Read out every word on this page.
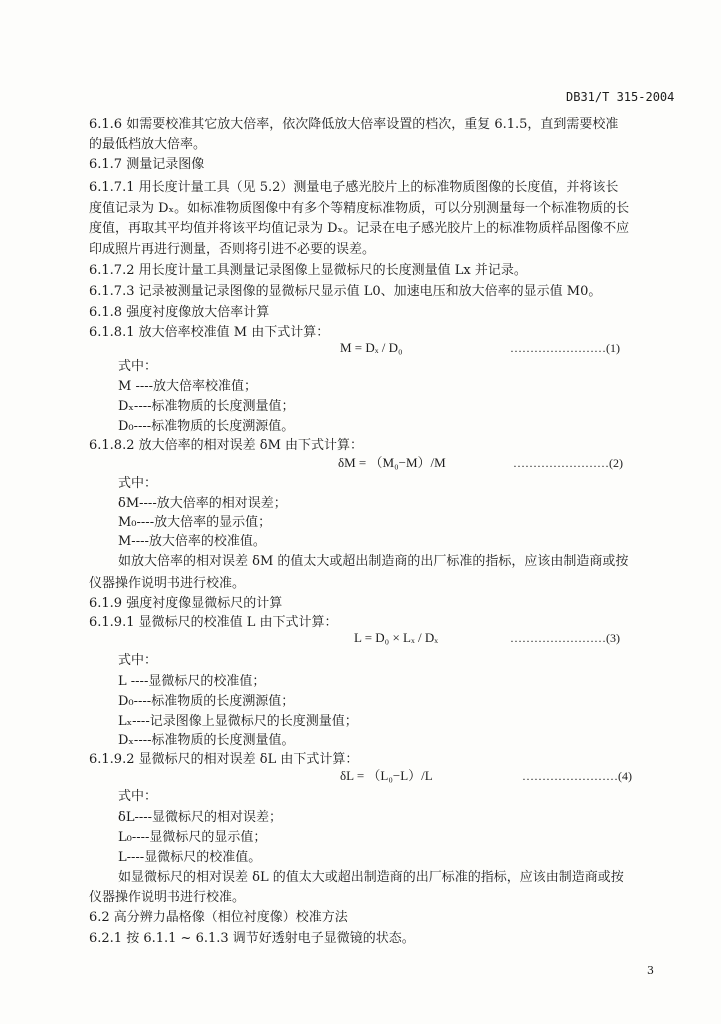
DB31/T 315-2004
6.1.6 如需要校准其它放大倍率，依次降低放大倍率设置的档次，重复 6.1.5，直到需要校准
的最低档放大倍率。
6.1.7 测量记录图像
6.1.7.1 用长度计量工具（见 5.2）测量电子感光胶片上的标准物质图像的长度值，并将该长
度值记录为 Dₓ。如标准物质图像中有多个等精度标准物质，可以分别测量每一个标准物质的长
度值，再取其平均值并将该平均值记录为 Dₓ。记录在电子感光胶片上的标准物质样品图像不应
印成照片再进行测量，否则将引进不必要的误差。
6.1.7.2 用长度计量工具测量记录图像上显微标尺的长度测量值 Lx 并记录。
6.1.7.3 记录被测量记录图像的显微标尺显示值 L0、加速电压和放大倍率的显示值 M0。
6.1.8 强度衬度像放大倍率计算
6.1.8.1 放大倍率校准值 M 由下式计算：
M = Dₓ / D₀	……………………(1)
式中：
M ----放大倍率校准值；
Dₓ----标准物质的长度测量值；
D₀----标准物质的长度溯源值。
6.1.8.2 放大倍率的相对误差 δM 由下式计算：
δM = （M₀−M）/M	……………………(2)
式中：
δM----放大倍率的相对误差；
M₀----放大倍率的显示值；
M----放大倍率的校准值。
如放大倍率的相对误差 δM 的值太大或超出制造商的出厂标准的指标，应该由制造商或按
仪器操作说明书进行校准。
6.1.9 强度衬度像显微标尺的计算
6.1.9.1 显微标尺的校准值 L 由下式计算：
L = D₀ × Lₓ / Dₓ	……………………(3)
式中：
L ----显微标尺的校准值；
D₀----标准物质的长度溯源值；
Lₓ----记录图像上显微标尺的长度测量值；
Dₓ----标准物质的长度测量值。
6.1.9.2 显微标尺的相对误差 δL 由下式计算：
δL = （L₀−L）/L	……………………(4)
式中：
δL----显微标尺的相对误差；
L₀----显微标尺的显示值；
L----显微标尺的校准值。
如显微标尺的相对误差 δL 的值太大或超出制造商的出厂标准的指标，应该由制造商或按
仪器操作说明书进行校准。
6.2 高分辨力晶格像（相位衬度像）校准方法
6.2.1 按 6.1.1 ~ 6.1.3 调节好透射电子显微镜的状态。
3
